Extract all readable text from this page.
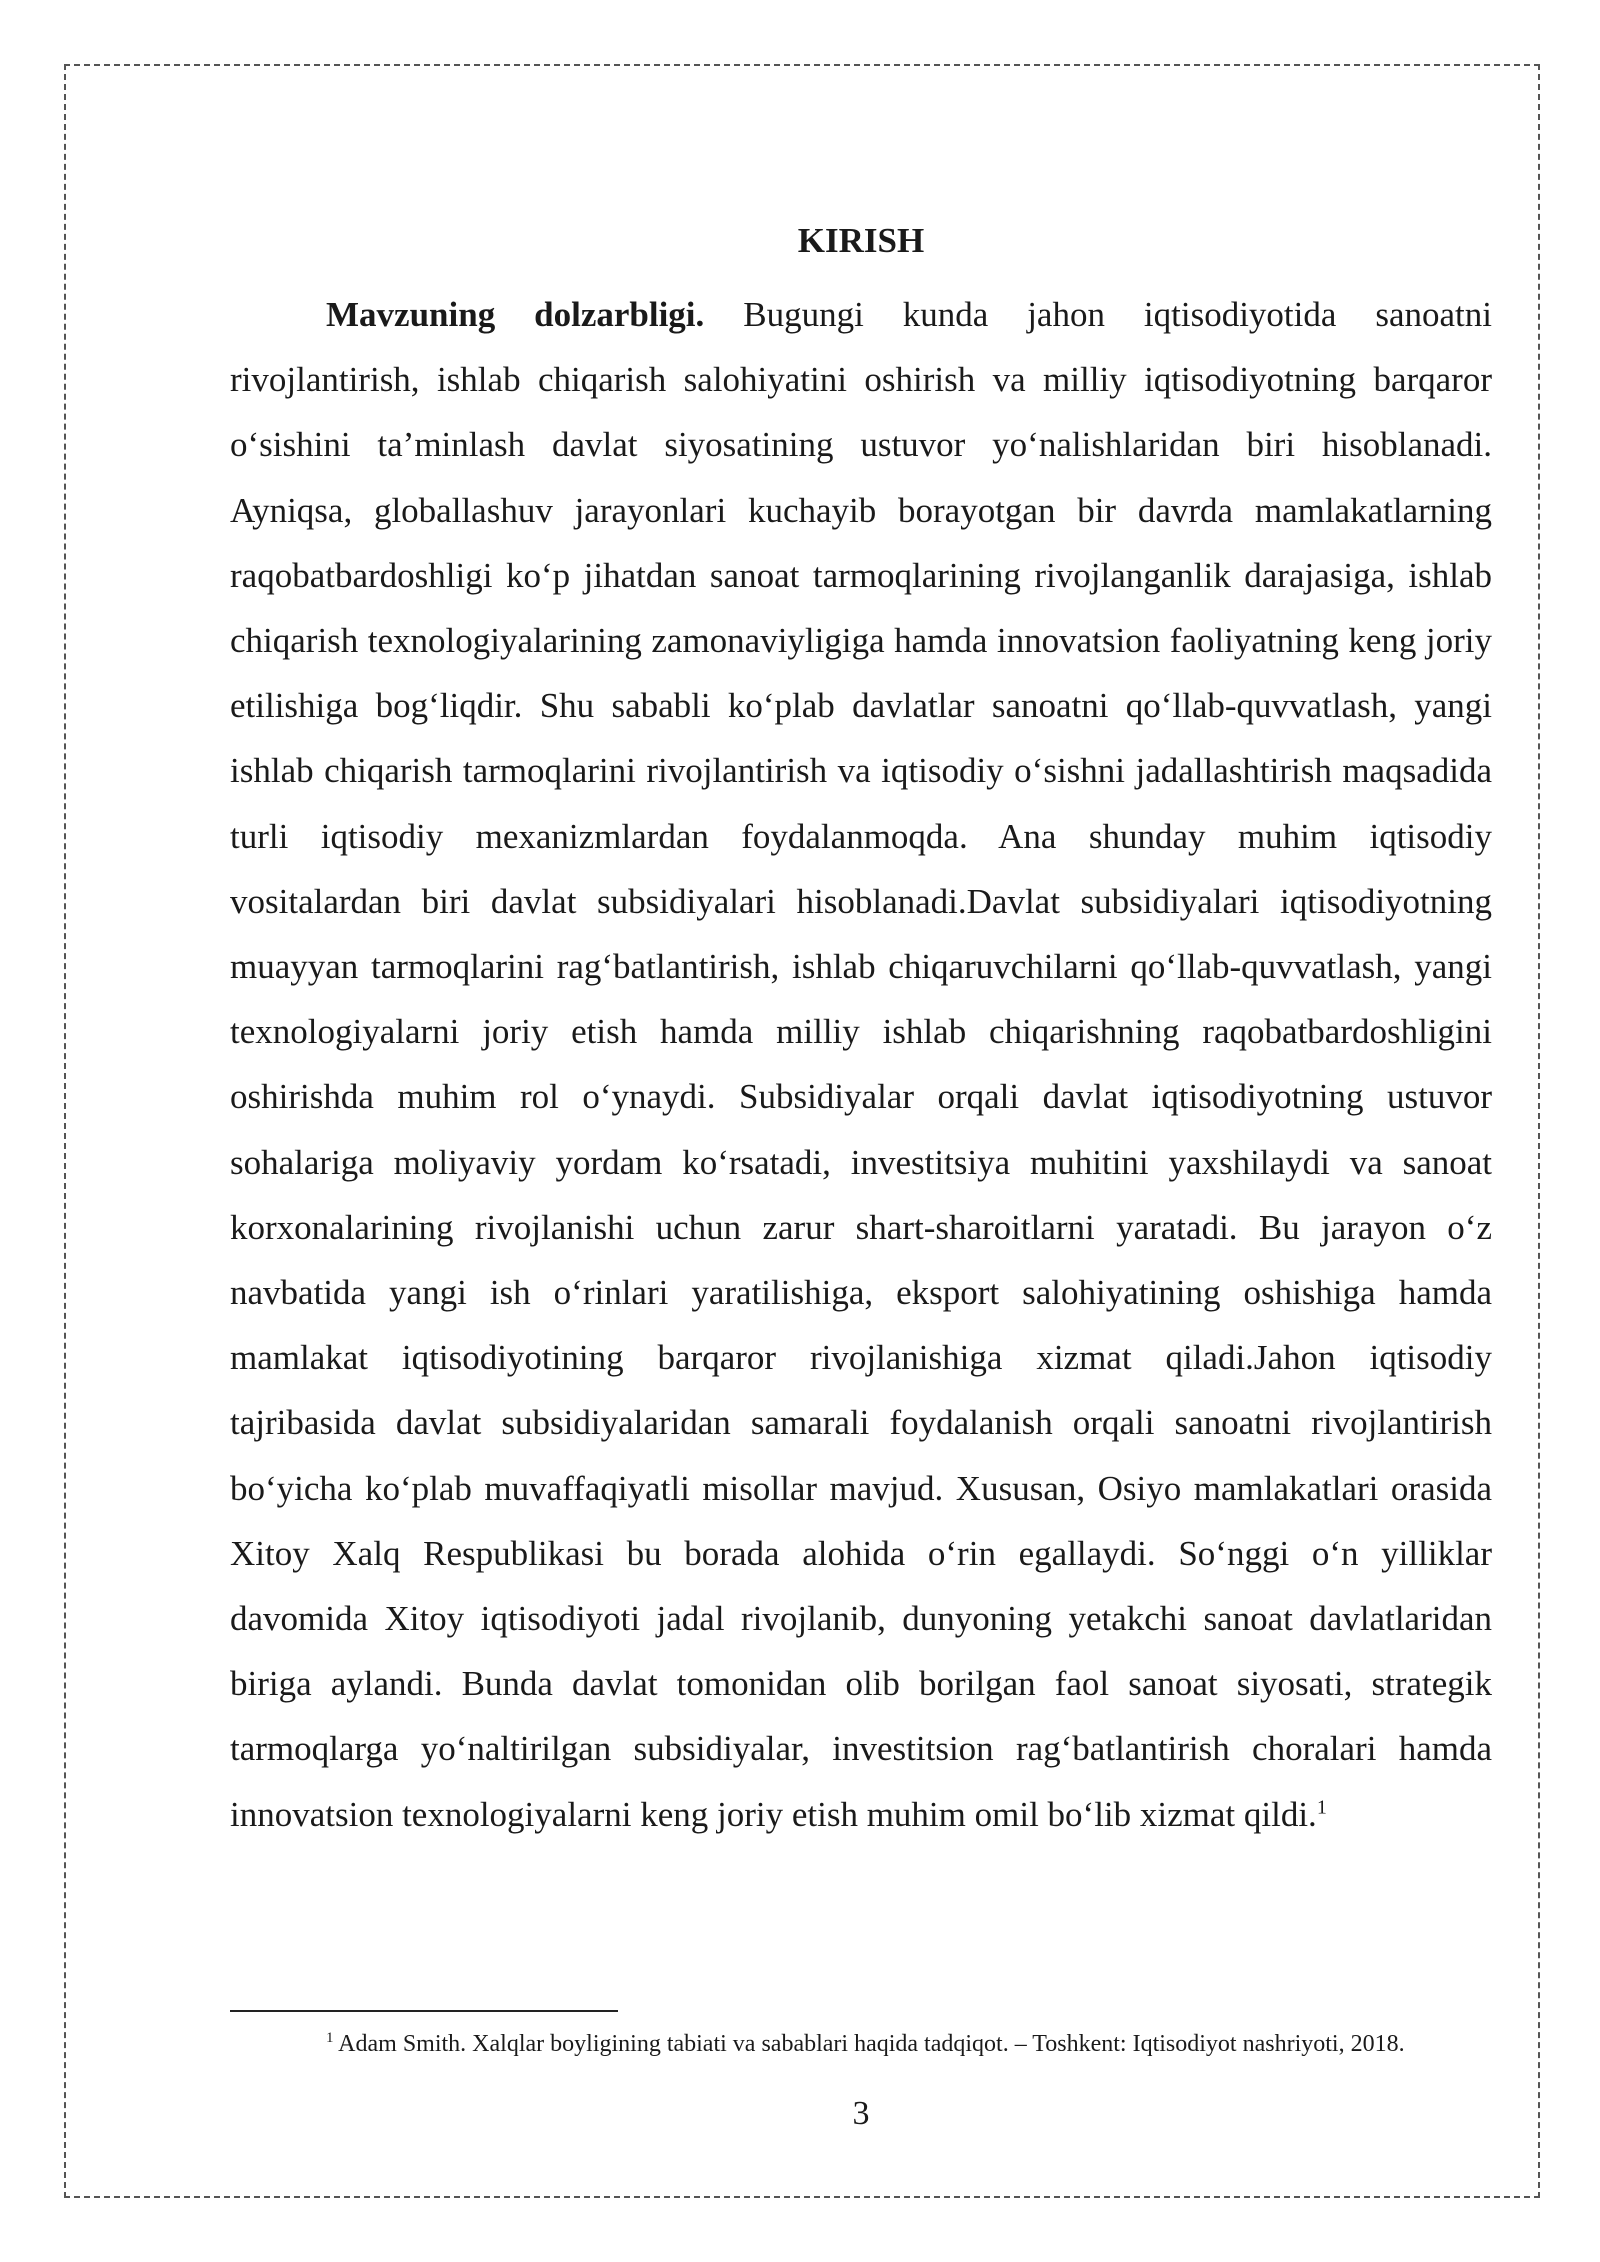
KIRISH

Mavzuning dolzarbligi. Bugungi kunda jahon iqtisodiyotida sanoatni rivojlantirish, ishlab chiqarish salohiyatini oshirish va milliy iqtisodiyotning barqaror o‘sishini ta’minlash davlat siyosatining ustuvor yo‘nalishlaridan biri hisoblanadi. Ayniqsa, globallashuv jarayonlari kuchayib borayotgan bir davrda mamlakatlarning raqobatbardoshligi ko‘p jihatdan sanoat tarmoqlarining rivojlanganlik darajasiga, ishlab chiqarish texnologiyalarining zamonaviyligiga hamda innovatsion faoliyatning keng joriy etilishiga bog‘liqdir. Shu sababli ko‘plab davlatlar sanoatni qo‘llab-quvvatlash, yangi ishlab chiqarish tarmoqlarini rivojlantirish va iqtisodiy o‘sishni jadallashtirish maqsadida turli iqtisodiy mexanizmlardan foydalanmoqda. Ana shunday muhim iqtisodiy vositalardan biri davlat subsidiyalari hisoblanadi.Davlat subsidiyalari iqtisodiyotning muayyan tarmoqlarini rag‘batlantirish, ishlab chiqaruvchilarni qo‘llab-quvvatlash, yangi texnologiyalarni joriy etish hamda milliy ishlab chiqarishning raqobatbardoshligini oshirishda muhim rol o‘ynaydi. Subsidiyalar orqali davlat iqtisodiyotning ustuvor sohalariga moliyaviy yordam ko‘rsatadi, investitsiya muhitini yaxshilaydi va sanoat korxonalarining rivojlanishi uchun zarur shart-sharoitlarni yaratadi. Bu jarayon o‘z navbatida yangi ish o‘rinlari yaratilishiga, eksport salohiyatining oshishiga hamda mamlakat iqtisodiyotining barqaror rivojlanishiga xizmat qiladi.Jahon iqtisodiy tajribasida davlat subsidiyalaridan samarali foydalanish orqali sanoatni rivojlantirish bo‘yicha ko‘plab muvaffaqiyatli misollar mavjud. Xususan, Osiyo mamlakatlari orasida Xitoy Xalq Respublikasi bu borada alohida o‘rin egallaydi. So‘nggi o‘n yilliklar davomida Xitoy iqtisodiyoti jadal rivojlanib, dunyoning yetakchi sanoat davlatlaridan biriga aylandi. Bunda davlat tomonidan olib borilgan faol sanoat siyosati, strategik tarmoqlarga yo‘naltirilgan subsidiyalar, investitsion rag‘batlantirish choralari hamda innovatsion texnologiyalarni keng joriy etish muhim omil bo‘lib xizmat qildi.$^1$

$^1$ Adam Smith. Xalqlar boyligining tabiati va sabablari haqida tadqiqot. – Toshkent: Iqtisodiyot nashriyoti, 2018.

3
